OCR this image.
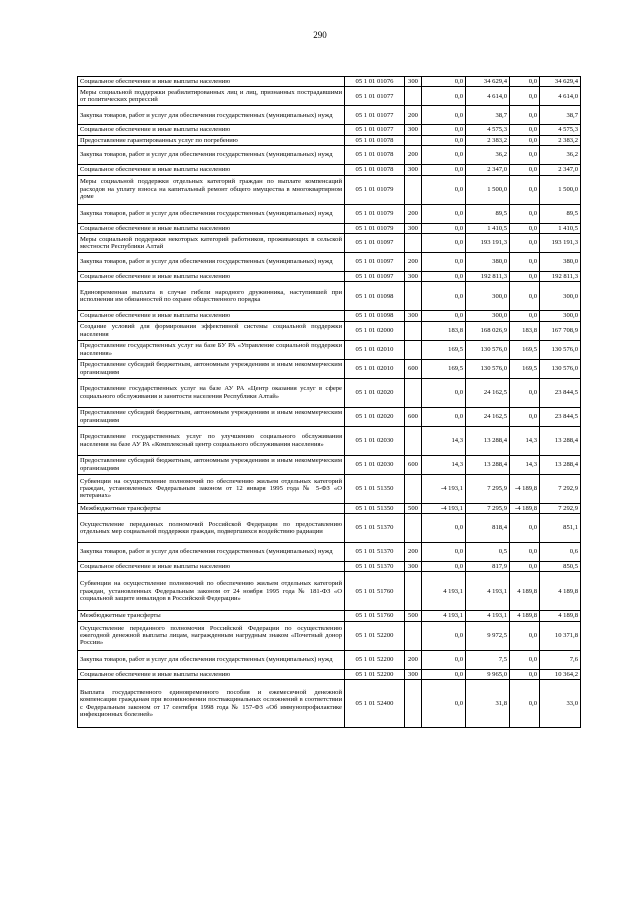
290
Социальное обеспечение и иные выплаты населению	05 1 01 01076	300	0,0	34 629,4	0,0	34 629,4
Меры социальной поддержки реабилитированных лиц и лиц, признанных пострадавшими от политических репрессий	05 1 01 01077		0,0	4 614,0	0,0	4 614,0
Закупка товаров, работ и услуг для обеспечения государственных (муниципальных) нужд	05 1 01 01077	200	0,0	38,7	0,0	38,7
Социальное обеспечение и иные выплаты населению	05 1 01 01077	300	0,0	4 575,3	0,0	4 575,3
Предоставление гарантированных услуг по погребению	05 1 01 01078		0,0	2 383,2	0,0	2 383,2
Закупка товаров, работ и услуг для обеспечения государственных (муниципальных) нужд	05 1 01 01078	200	0,0	36,2	0,0	36,2
Социальное обеспечение и иные выплаты населению	05 1 01 01078	300	0,0	2 347,0	0,0	2 347,0
Меры социальной поддержки отдельных категорий граждан по выплате компенсаций расходов на уплату взноса на капитальный ремонт общего имущества в многоквартирном доме	05 1 01 01079		0,0	1 500,0	0,0	1 500,0
Закупка товаров, работ и услуг для обеспечения государственных (муниципальных) нужд	05 1 01 01079	200	0,0	89,5	0,0	89,5
Социальное обеспечение и иные выплаты населению	05 1 01 01079	300	0,0	1 410,5	0,0	1 410,5
Меры социальной поддержки некоторых категорий работников, проживающих в сельской местности Республики Алтай	05 1 01 01097		0,0	193 191,3	0,0	193 191,3
Закупка товаров, работ и услуг для обеспечения государственных (муниципальных) нужд	05 1 01 01097	200	0,0	380,0	0,0	380,0
Социальное обеспечение и иные выплаты населению	05 1 01 01097	300	0,0	192 811,3	0,0	192 811,3
Единовременная выплата в случае гибели народного дружинника, наступившей при исполнении им обязанностей по охране общественного порядка	05 1 01 01098		0,0	300,0	0,0	300,0
Социальное обеспечение и иные выплаты населению	05 1 01 01098	300	0,0	300,0	0,0	300,0
Создание условий для формирования эффективной системы социальной поддержки населения	05 1 01 02000		183,8	168 026,9	183,8	167 708,9
Предоставление государственных услуг на базе БУ РА «Управление социальной поддержки населения»	05 1 01 02010		169,5	130 576,0	169,5	130 576,0
Предоставление субсидий бюджетным, автономным учреждениям и иным некоммерческим организациям	05 1 01 02010	600	169,5	130 576,0	169,5	130 576,0
Предоставление государственных услуг на базе АУ РА «Центр оказания услуг в сфере социального обслуживания и занятости населения Республики Алтай»	05 1 01 02020		0,0	24 162,5	0,0	23 844,5
Предоставление субсидий бюджетным, автономным учреждениям и иным некоммерческим организациям	05 1 01 02020	600	0,0	24 162,5	0,0	23 844,5
Предоставление государственных услуг по улучшению социального обслуживания населения на базе АУ РА «Комплексный центр социального обслуживания населения»	05 1 01 02030		14,3	13 288,4	14,3	13 288,4
Предоставление субсидий бюджетным, автономным учреждениям и иным некоммерческим организациям	05 1 01 02030	600	14,3	13 288,4	14,3	13 288,4
Субвенции на осуществление полномочий по обеспечению жильем отдельных категорий граждан, установленных Федеральным законом от 12 января 1995 года № 5-ФЗ «О ветеранах»	05 1 01 51350		-4 193,1	7 295,9	-4 189,8	7 292,9
Межбюджетные трансферты	05 1 01 51350	500	-4 193,1	7 295,9	-4 189,8	7 292,9
Осуществление переданных полномочий Российской Федерации по предоставлению отдельных мер социальной поддержки граждан, подвергшихся воздействию радиации	05 1 01 51370		0,0	818,4	0,0	851,1
Закупка товаров, работ и услуг для обеспечения государственных (муниципальных) нужд	05 1 01 51370	200	0,0	0,5	0,0	0,6
Социальное обеспечение и иные выплаты населению	05 1 01 51370	300	0,0	817,9	0,0	850,5
Субвенции на осуществление полномочий по обеспечению жильем отдельных категорий граждан, установленных Федеральным законом от 24 ноября 1995 года № 181-ФЗ «О социальной защите инвалидов в Российской Федерации»	05 1 01 51760		4 193,1	4 193,1	4 189,8	4 189,8
Межбюджетные трансферты	05 1 01 51760	500	4 193,1	4 193,1	4 189,8	4 189,8
Осуществление переданного полномочия Российской Федерации по осуществлению ежегодной денежной выплаты лицам, награжденным нагрудным знаком «Почетный донор России»	05 1 01 52200		0,0	9 972,5	0,0	10 371,8
Закупка товаров, работ и услуг для обеспечения государственных (муниципальных) нужд	05 1 01 52200	200	0,0	7,5	0,0	7,6
Социальное обеспечение и иные выплаты населению	05 1 01 52200	300	0,0	9 965,0	0,0	10 364,2
Выплата государственного единовременного пособия и ежемесячной денежной компенсации гражданам при возникновении поствакцинальных осложнений в соответствии с Федеральным законом от 17 сентября 1998 года № 157-ФЗ «Об иммунопрофилактике инфекционных болезней»	05 1 01 52400		0,0	31,8	0,0	33,0
